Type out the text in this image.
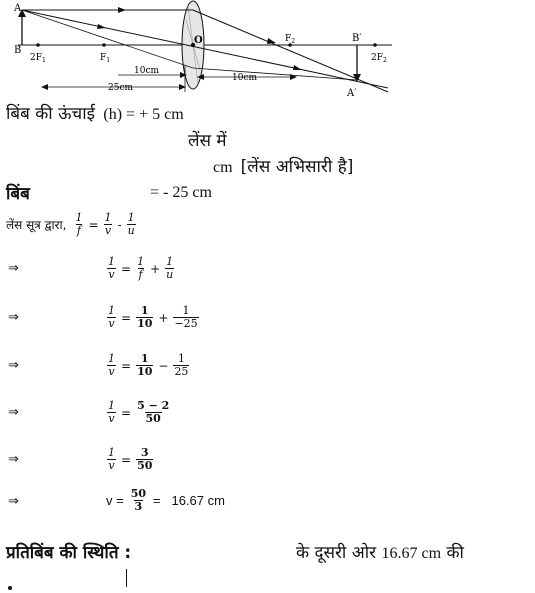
A
B
$2F_1$	$F_1$
O	$F_2$	B′
$2F_2$
A′
10cm
25cm
10cm
बिंब की ऊंचाई (h) = + 5 cm
लेंस में
cm [लेंस अभिसारी है]
बिंब	= - 25 cm
लेंस सूत्र द्वारा, $\frac{1}{f} = \frac{1}{v} - \frac{1}{u}$
⇒	$\frac{1}{v} = \frac{1}{f} + \frac{1}{u}$
⇒	$\frac{1}{v} = \frac{1}{10} + \frac{1}{-25}$
⇒	$\frac{1}{v} = \frac{1}{10} - \frac{1}{25}$
⇒	$\frac{1}{v} = \frac{5 - 2}{50}$
⇒	$\frac{1}{v} = \frac{3}{50}$
⇒	$v = \frac{50}{3} = 16.67$ cm
प्रतिबिंब की स्थिति :	के दूसरी ओर 16.67 cm की
